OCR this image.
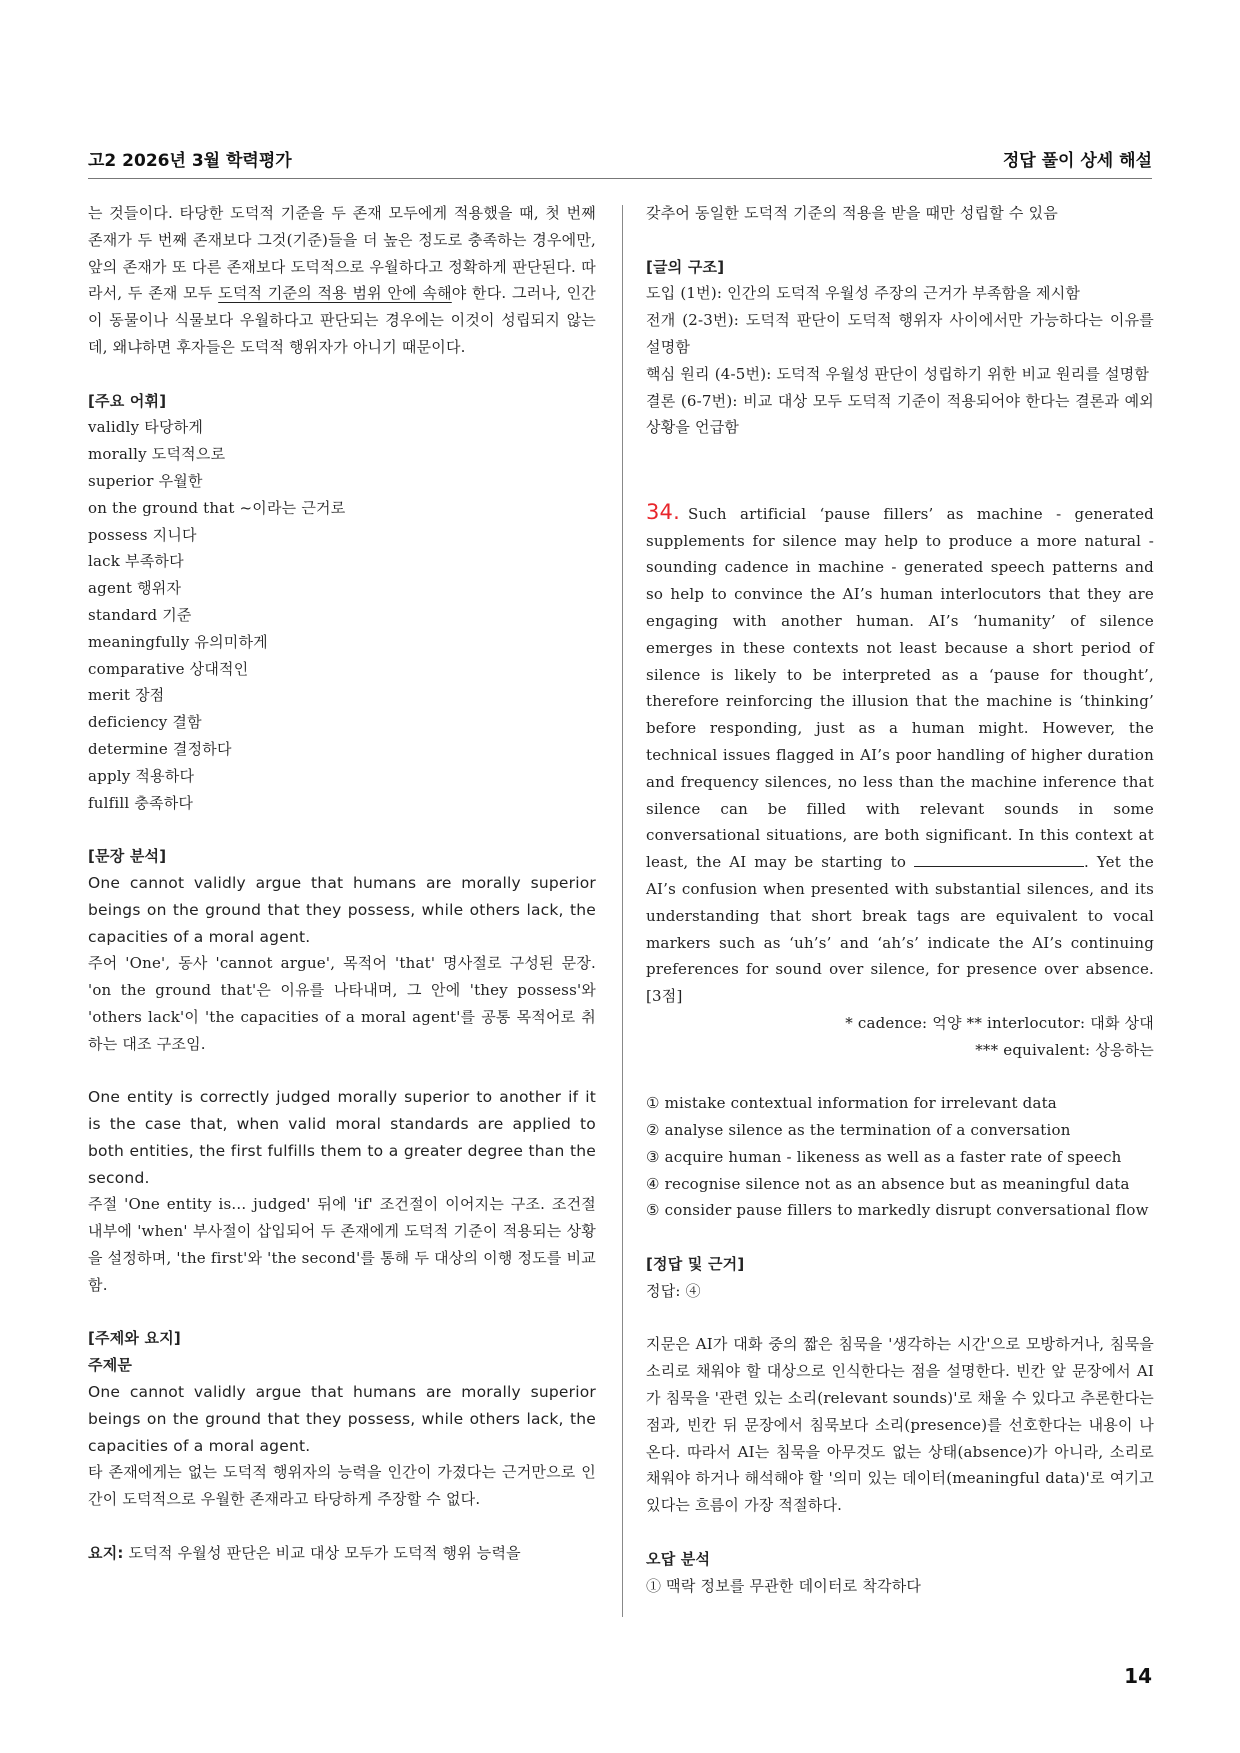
고2 2026년 3월 학력평가	정답 풀이 상세 해설

는 것들이다. 타당한 도덕적 기준을 두 존재 모두에게 적용했을 때, 첫 번째 존재가 두 번째 존재보다 그것(기준)들을 더 높은 정도로 충족하는 경우에만, 앞의 존재가 또 다른 존재보다 도덕적으로 우월하다고 정확하게 판단된다. 따라서, 두 존재 모두 도덕적 기준의 적용 범위 안에 속해야 한다. 그러나, 인간이 동물이나 식물보다 우월하다고 판단되는 경우에는 이것이 성립되지 않는데, 왜냐하면 후자들은 도덕적 행위자가 아니기 때문이다.

[주요 어휘]

validly 타당하게

morally 도덕적으로

superior 우월한

on the ground that ~이라는 근거로

possess 지니다

lack 부족하다

agent 행위자

standard 기준

meaningfully 유의미하게

comparative 상대적인

merit 장점

deficiency 결함

determine 결정하다

apply 적용하다

fulfill 충족하다

[문장 분석]

One cannot validly argue that humans are morally superior beings on the ground that they possess, while others lack, the capacities of a moral agent.

주어 'One', 동사 'cannot argue', 목적어 'that' 명사절로 구성된 문장. 'on the ground that'은 이유를 나타내며, 그 안에 'they possess'와 'others lack'이 'the capacities of a moral agent'를 공통 목적어로 취하는 대조 구조임.

One entity is correctly judged morally superior to another if it is the case that, when valid moral standards are applied to both entities, the first fulfills them to a greater degree than the second.

주절 'One entity is... judged' 뒤에 'if' 조건절이 이어지는 구조. 조건절 내부에 'when' 부사절이 삽입되어 두 존재에게 도덕적 기준이 적용되는 상황을 설정하며, 'the first'와 'the second'를 통해 두 대상의 이행 정도를 비교함.

[주제와 요지]

주제문

One cannot validly argue that humans are morally superior beings on the ground that they possess, while others lack, the capacities of a moral agent.

타 존재에게는 없는 도덕적 행위자의 능력을 인간이 가졌다는 근거만으로 인간이 도덕적으로 우월한 존재라고 타당하게 주장할 수 없다.

요지: 도덕적 우월성 판단은 비교 대상 모두가 도덕적 행위 능력을

갖추어 동일한 도덕적 기준의 적용을 받을 때만 성립할 수 있음

[글의 구조]

도입 (1번): 인간의 도덕적 우월성 주장의 근거가 부족함을 제시함

전개 (2-3번): 도덕적 판단이 도덕적 행위자 사이에서만 가능하다는 이유를 설명함

핵심 원리 (4-5번): 도덕적 우월성 판단이 성립하기 위한 비교 원리를 설명함

결론 (6-7번): 비교 대상 모두 도덕적 기준이 적용되어야 한다는 결론과 예외 상황을 언급함

34. Such artificial ‘pause fillers’ as machine - generated supplements for silence may help to produce a more natural - sounding cadence in machine - generated speech patterns and so help to convince the AI’s human interlocutors that they are engaging with another human. AI’s ‘humanity’ of silence emerges in these contexts not least because a short period of silence is likely to be interpreted as a ‘pause for thought’, therefore reinforcing the illusion that the machine is ‘thinking’ before responding, just as a human might. However, the technical issues flagged in AI’s poor handling of higher duration and frequency silences, no less than the machine inference that silence can be filled with relevant sounds in some conversational situations, are both significant. In this context at least, the AI may be starting to	. Yet the AI’s confusion when presented with substantial silences, and its understanding that short break tags are equivalent to vocal markers such as ‘uh’s’ and ‘ah’s’ indicate the AI’s continuing preferences for sound over silence, for presence over absence. [3점]

* cadence: 억양 ** interlocutor: 대화 상대

*** equivalent: 상응하는

① mistake contextual information for irrelevant data

② analyse silence as the termination of a conversation

③ acquire human - likeness as well as a faster rate of speech

④ recognise silence not as an absence but as meaningful data

⑤ consider pause fillers to markedly disrupt conversational flow

[정답 및 근거]

정답: ④

지문은 AI가 대화 중의 짧은 침묵을 '생각하는 시간'으로 모방하거나, 침묵을 소리로 채워야 할 대상으로 인식한다는 점을 설명한다. 빈칸 앞 문장에서 AI가 침묵을 '관련 있는 소리(relevant sounds)'로 채울 수 있다고 추론한다는 점과, 빈칸 뒤 문장에서 침묵보다 소리(presence)를 선호한다는 내용이 나온다. 따라서 AI는 침묵을 아무것도 없는 상태(absence)가 아니라, 소리로 채워야 하거나 해석해야 할 '의미 있는 데이터(meaningful data)'로 여기고 있다는 흐름이 가장 적절하다.

오답 분석

① 맥락 정보를 무관한 데이터로 착각하다

14
